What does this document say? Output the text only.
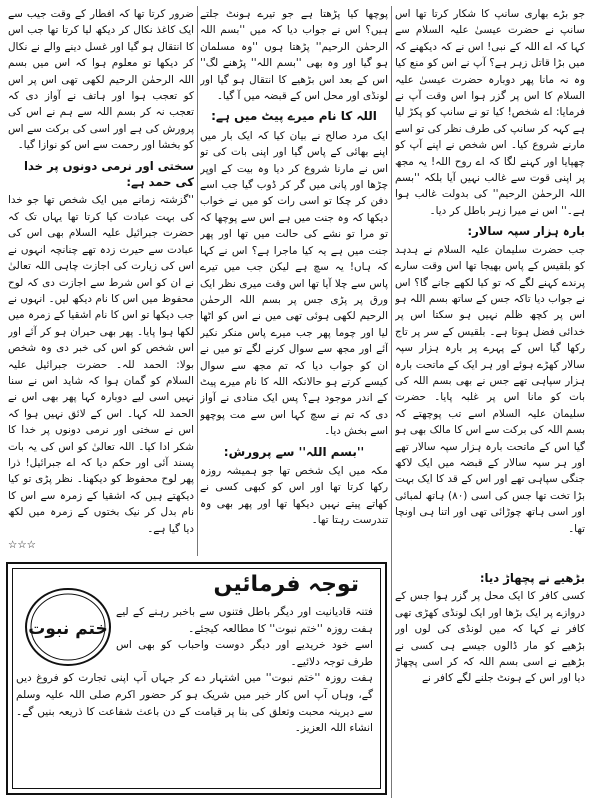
جو بڑے بھاری سانپ کا شکار کرتا تھا اس سانپ نے حضرت عیسیٰ علیہ السلام سے کہا کہ اے اللہ کے نبی! اس نے کہ دیکھنے کہ میں بڑا قاتل زہر ہے؟ آپ نے اس کو منع کیا وہ نہ مانا پھر دوبارہ حضرت عیسیٰ علیہ السلام کا اس پر گزر ہوا اس وقت آپ نے فرمایا: اے شخص! کیا تو نے سانپ کو پکڑ لیا ہے کہہ کر سانپ کی طرف نظر کی تو اسے مارنے شروع کیا۔ اس شخص نے اپنے آپ کو چھپایا اور کہنے لگا کہ اے روح اللہ! یہ مجھ پر اپنی قوت سے غالب نہیں آیا بلکہ ''بسم اللہ الرحمٰن الرحیم'' کی بدولت غالب ہوا ہے۔'' اس نے میرا زہر باطل کر دیا۔

بارہ ہزار سپہ سالار:

جب حضرت سلیمان علیہ السلام نے ہدہد کو بلقیس کے پاس بھیجا تھا اس وقت سارے پرندے کہنے لگے کہ تو کیا لکھے جانے گا؟ اس نے جواب دیا تاکہ جس کے ساتھ بسم اللہ ہو اس پر کچھ ظلم نہیں ہو سکتا اس پر خدائی فضل ہوتا ہے۔ بلقیس کے سر پر تاج رکھا گیا اس کے پہرے پر بارہ ہزار سپہ سالار کھڑے ہوئے اور ہر ایک کے ماتحت بارہ ہزار سپاہی تھے جس نے بھی بسم اللہ کی بات کو مانا اس پر غلبہ پایا۔ حضرت سلیمان علیہ السلام اسے تب پوچھتے کہ بسم اللہ کی برکت سے اس کا مالک بھی ہو گیا اس کے ماتحت بارہ ہزار سپہ سالار تھے اور ہر سپہ سالار کے قبضہ میں ایک لاکھ جنگی سپاہی تھے اور اس کے قد کا ایک بہت بڑا تخت تھا جس کی اسی (۸۰) ہاتھ لمبائی اور اسی ہاتھ چوڑائی تھی اور اتنا ہی اونچا تھا۔

بڑھیے نے پچھاڑ دیا:

کسی کافر کا ایک محل پر گزر ہوا جس کے دروازے پر ایک بڑھا اور ایک لونڈی کھڑی تھی کافر نے کہا کہ میں لونڈی کی لوں اور بڑھیے کو مار ڈالوں جیسے ہی کسی نے بڑھیے نے اسی بسم اللہ کہ کر اسی پچھاڑ دیا اور اس کے ہونٹ جلنے لگے کافر نے

پوچھا کیا پڑھتا ہے جو تیرے ہونٹ جلتے ہیں؟ اس نے جواب دیا کہ میں ''بسم اللہ الرحمٰن الرحیم'' پڑھتا ہوں ''وہ مسلمان ہو گیا اور وہ بھی ''بسم اللہ'' پڑھنے لگ'' اس کے بعد اس بڑھیے کا انتقال ہو گیا اور لونڈی اور محل اس کے قبضہ میں آ گیا۔

اللہ کا نام میرے پیٹ میں ہے:

ایک مرد صالح نے بیان کیا کہ ایک بار میں اپنے بھائی کے پاس گیا اور اپنی بات کی تو اس نے مارنا شروع کر دیا وہ بیت کے اوپر چڑھا اور پانی میں گر کر ڈوب گیا جب اسے دفن کر چکا تو اسی رات کو میں نے خواب دیکھا کہ وہ جنت میں ہے اس سے پوچھا کہ تو مرا تو نشے کی حالت میں تھا اور پھر جنت میں ہے یہ کیا ماجرا ہے؟ اس نے کہا کہ ہاں! یہ سچ ہے لیکن جب میں تیرے پاس سے چلا آیا تھا اس وقت میری نظر ایک ورق پر پڑی جس پر بسم اللہ الرحمٰن الرحیم لکھی ہوئی تھی میں نے اس کو اٹھا لیا اور چوما پھر جب میرے پاس منکر نکیر آئے اور مجھ سے سوال کرنے لگے تو میں نے ان کو جواب دیا کہ تم مجھ سے سوال کیسے کرتے ہو حالانکہ اللہ کا نام میرے پیٹ کے اندر موجود ہے؟ پس ایک منادی نے آواز دی کہ تم نے سچ کہا اس سے مت پوچھو اسے بخش دیا۔

''بسم اللہ'' سے پرورش:

مکہ میں ایک شخص تھا جو ہمیشہ روزہ رکھا کرتا تھا اور اس کو کبھی کسی نے کھاتے پیتے نہیں دیکھا تھا اور پھر بھی وہ تندرست رہتا تھا۔

ضرور کرتا تھا کہ افطار کے وقت جیب سے ایک کاغذ نکال کر دیکھ لیا کرتا تھا جب اس کا انتقال ہو گیا اور غسل دینے والے نے نکال کر دیکھا تو معلوم ہوا کہ اس میں بسم اللہ الرحمٰن الرحیم لکھی تھی اس پر اس کو تعجب ہوا اور ہاتف نے آواز دی کہ تعجب نہ کر بسم اللہ سے ہم نے اس کی پرورش کی ہے اور اسی کی برکت سے اس کو بخشا اور رحمت سے اس کو نوازا گیا۔

سختی اور نرمی دونوں پر خدا کی حمد ہے:

''گزشتہ زمانے میں ایک شخص تھا جو خدا کی بہت عبادت کیا کرتا تھا یہاں تک کہ حضرت جبرائیل علیہ السلام بھی اس کی عبادت سے حیرت زدہ تھے چنانچہ انہوں نے اس کی زیارت کی اجازت چاہی اللہ تعالیٰ نے ان کو اس شرط سے اجازت دی کہ لوح محفوظ میں اس کا نام دیکھ لیں۔ انہوں نے جب دیکھا تو اس کا نام اشقیا کے زمرہ میں لکھا ہوا پایا۔ پھر بھی حیران ہو کر آئے اور اس شخص کو اس کی خبر دی وہ شخص بولا: الحمد للہ۔ حضرت جبرائیل علیہ السلام کو گمان ہوا کہ شاید اس نے سنا نہیں اسی لیے دوبارہ کہا پھر بھی اس نے الحمد للہ کہا۔ اس کے لائق نہیں ہوا کہ اس نے سختی اور نرمی دونوں پر خدا کا شکر ادا کیا۔ اللہ تعالیٰ کو اس کی یہ بات پسند آئی اور حکم دیا کہ اے جبرائیل! ذرا پھر لوح محفوظ کو دیکھنا۔ نظر پڑی تو کیا دیکھتے ہیں کہ اشقیا کے زمرہ سے اس کا نام بدل کر نیک بختوں کے زمرہ میں لکھ دیا گیا ہے۔

☆☆☆

توجہ فرمائیں
ختم نبوت

فتنہ قادیانیت اور دیگر باطل فتنوں سے باخبر رہنے کے لیے ہفت روزہ ''ختم نبوت'' کا مطالعہ کیجئے۔

اسے خود خریدیے اور دیگر دوست واحباب کو بھی اس طرف توجہ دلائیے۔

ہفت روزہ ''ختم نبوت'' میں اشتہار دے کر جہاں آپ اپنی تجارت کو فروغ دیں گے، وہاں آپ اس کار خیر میں شریک ہو کر حضور اکرم صلی اللہ علیہ وسلم سے دیرینہ محبت وتعلق کی بنا پر قیامت کے دن باعث شفاعت کا ذریعہ بنیں گے۔ انشاء اللہ العزیز۔
